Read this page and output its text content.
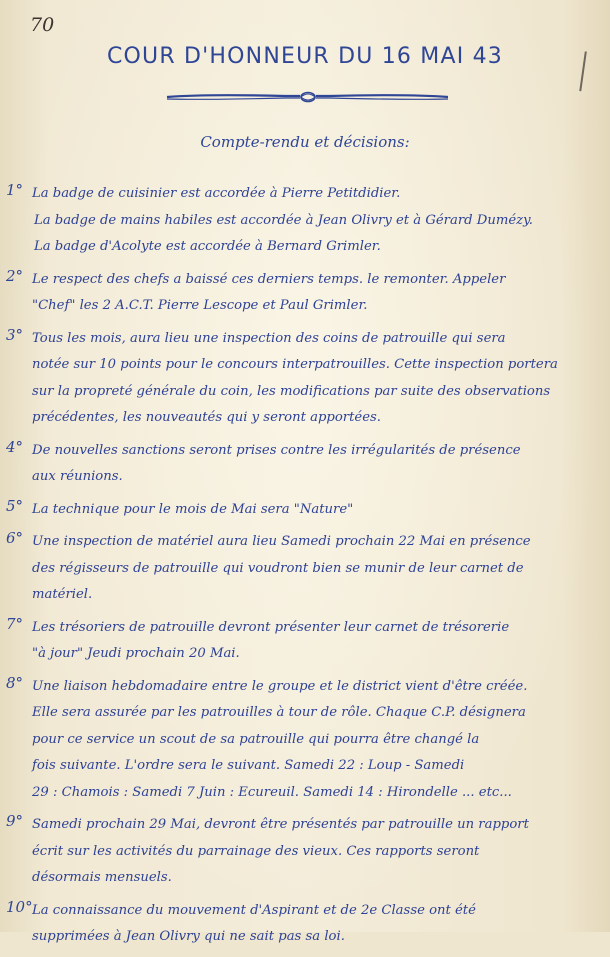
70
COUR D'HONNEUR DU 16 MAI 43
Compte-rendu et décisions:
1° La badge de cuisinier est accordée à Pierre Petitdidier.
La badge de mains habiles est accordée à Jean Olivry et à Gérard Dumézy.
La badge d'Acolyte est accordée à Bernard Grimler.
2° Le respect des chefs a baissé ces derniers temps. le remonter. Appeler
"Chef" les 2 A.C.T. Pierre Lescope et Paul Grimler.
3° Tous les mois, aura lieu une inspection des coins de patrouille qui sera
notée sur 10 points pour le concours interpatrouilles. Cette inspection portera
sur la propreté générale du coin, les modifications par suite des observations
précédentes, les nouveautés qui y seront apportées.
4° De nouvelles sanctions seront prises contre les irrégularités de présence
aux réunions.
5° La technique pour le mois de Mai sera "Nature"
6° Une inspection de matériel aura lieu Samedi prochain 22 Mai en présence
des régisseurs de patrouille qui voudront bien se munir de leur carnet de
matériel.
7° Les trésoriers de patrouille devront présenter leur carnet de trésorerie
"à jour" Jeudi prochain 20 Mai.
8° Une liaison hebdomadaire entre le groupe et le district vient d'être créée.
Elle sera assurée par les patrouilles à tour de rôle. Chaque C.P. désignera
pour ce service un scout de sa patrouille qui pourra être changé la
fois suivante. L'ordre sera le suivant. Samedi 22 : Loup - Samedi
29 : Chamois : Samedi 7 Juin : Ecureuil. Samedi 14 : Hirondelle ... etc...
9° Samedi prochain 29 Mai, devront être présentés par patrouille un rapport
écrit sur les activités du parrainage des vieux. Ces rapports seront
désormais mensuels.
10° La connaissance du mouvement d'Aspirant et de 2e Classe ont été
supprimées à Jean Olivry qui ne sait pas sa loi.
